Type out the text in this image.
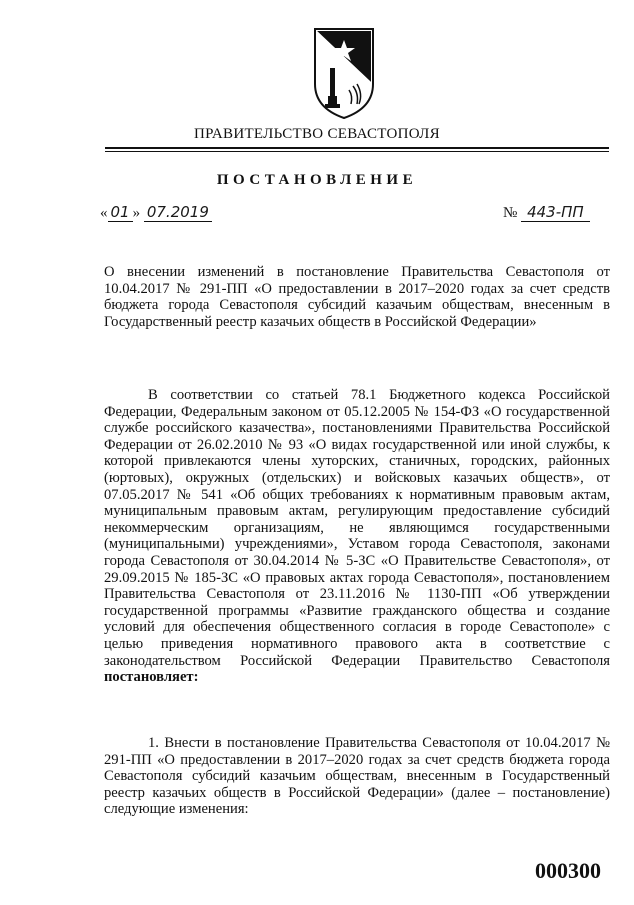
ПРАВИТЕЛЬСТВО СЕВАСТОПОЛЯ
ПОСТАНОВЛЕНИЕ
« 01 » 07.2019	№ 443-ПП
О внесении изменений в постановление Правительства Севастополя от 10.04.2017 № 291-ПП «О предоставлении в 2017–2020 годах за счет средств бюджета города Севастополя субсидий казачьим обществам, внесенным в Государственный реестр казачьих обществ в Российской Федерации»
В соответствии со статьей 78.1 Бюджетного кодекса Российской Федерации, Федеральным законом от 05.12.2005 № 154-ФЗ «О государственной службе российского казачества», постановлениями Правительства Российской Федерации от 26.02.2010 № 93 «О видах государственной или иной службы, к которой привлекаются члены хуторских, станичных, городских, районных (юртовых), окружных (отдельских) и войсковых казачьих обществ», от 07.05.2017 № 541 «Об общих требованиях к нормативным правовым актам, муниципальным правовым актам, регулирующим предоставление субсидий некоммерческим организациям, не являющимся государственными (муниципальными) учреждениями», Уставом города Севастополя, законами города Севастополя от 30.04.2014 № 5-ЗС «О Правительстве Севастополя», от 29.09.2015 № 185-ЗС «О правовых актах города Севастополя», постановлением Правительства Севастополя от 23.11.2016 № 1130-ПП «Об утверждении государственной программы «Развитие гражданского общества и создание условий для обеспечения общественного согласия в городе Севастополе» с целью приведения нормативного правового акта в соответствие с законодательством Российской Федерации Правительство Севастополя постановляет:
1. Внести в постановление Правительства Севастополя от 10.04.2017 № 291-ПП «О предоставлении в 2017–2020 годах за счет средств бюджета города Севастополя субсидий казачьим обществам, внесенным в Государственный реестр казачьих обществ в Российской Федерации» (далее – постановление) следующие изменения:
000300
